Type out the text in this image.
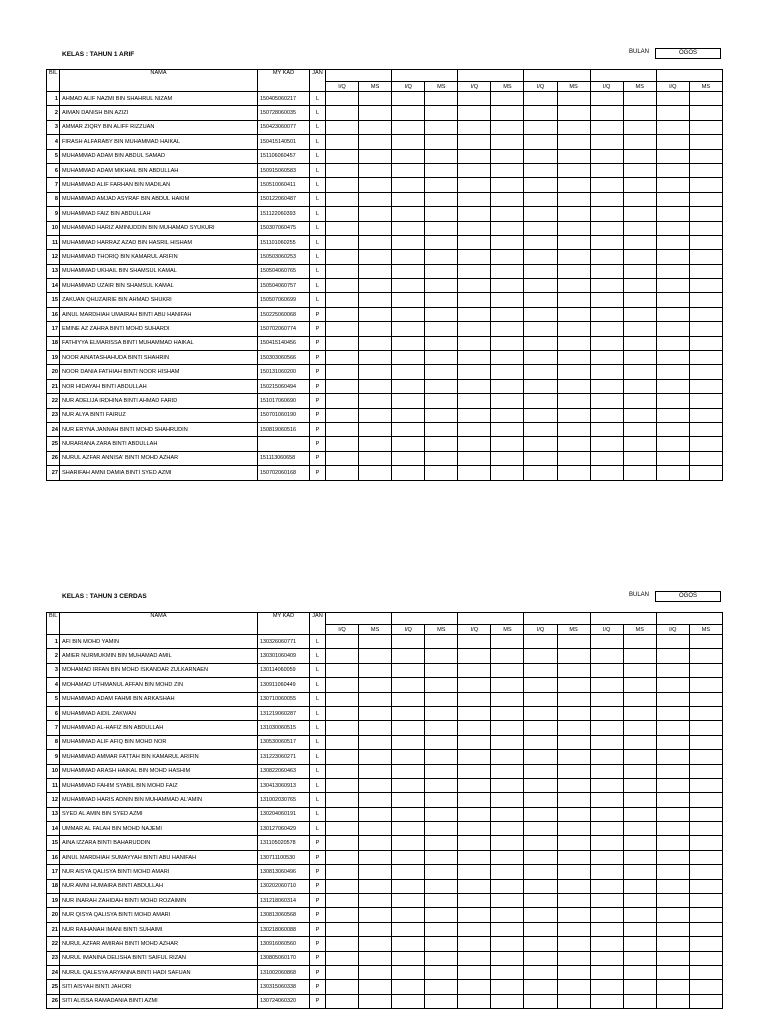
KELAS : TAHUN 1 ARIF	BULAN	OGOS
BIL	NAMA	MY KAD	JAN												
				I/Q	MS	I/Q	MS	I/Q	MS	I/Q	MS	I/Q	MS	I/Q	MS
1	AHMAD ALIF NAZMI BIN SHAHRUL NIZAM	150405060217	L												
2	AIMAN DANISH BIN AZIZI	150728060035	L												
3	AMMAR ZIQRY BIN ALIFF RIZZUAN	150423060077	L												
4	FIRASH ALFARABY BIN MUHAMMAD HAIKAL	150415140501	L												
5	MUHAMMAD ADAM BIN ABDUL SAMAD	151106060457	L												
6	MUHAMMAD ADAM MIKHAIL BIN ABDULLAH	150915060583	L												
7	MUHAMMAD ALIF FARHAN BIN MADILAN	150510060411	L												
8	MUHAMMAD AMJAD ASYRAF BIN ABDUL HAKIM	150122060487	L												
9	MUHAMMAD FAIZ BIN ABDULLAH	151122060393	L												
10	MUHAMMAD HARIZ AMINUDDIN BIN MUHAMAD SYUKURI	150307060475	L												
11	MUHAMMAD HARRAZ AZAD BIN HASRIL HISHAM	151101060255	L												
12	MUHAMMAD THORIQ BIN KAMARUL ARIFIN	150503060253	L												
13	MUHAMMAD UKHAIL BIN SHAMSUL KAMAL	150504060765	L												
14	MUHAMMAD UZAIR BIN SHAMSUL KAMAL	150504060757	L												
15	ZAKUAN QHUZAIRIE BIN AHMAD SHUKRI	150507060699	L												
16	AINUL MARDHIAH UMAIRAH BINTI ABU HANIFAH	150225060068	P												
17	EMINE AZ ZAHRA BINTI MOHD SUHARDI	150702060774	P												
18	FATHIYYA ELMARISSA BINTI MUHAMMAD HAIKAL	150415140456	P												
19	NOOR AINATASHAHUDA BINTI SHAHRIN	150303060566	P												
20	NOOR DANIA FATHIAH BINTI NOOR HISHAM	150131060200	P												
21	NOR HIDAYAH BINTI ABDULLAH	150215060494	P												
22	NUR ADELIJA IRDHINA BINTI AHMAD FARID	151017060690	P												
23	NUR ALYA BINTI FAIRUZ	150701060190	P												
24	NUR ERYNA JANNAH BINTI MOHD SHAHRUDIN	150819060516	P												
25	NURARIANA ZARA BINTI ABDULLAH		P												
26	NURUL AZFAR ANNISA' BINTI MOHD AZHAR	151113060658	P												
27	SHARIFAH AMNI DAMIA BINTI SYED AZMI	150702060168	P												
KELAS : TAHUN 3 CERDAS	BULAN	OGOS
BIL	NAMA	MY KAD	JAN												
				I/Q	MS	I/Q	MS	I/Q	MS	I/Q	MS	I/Q	MS	I/Q	MS
1	AFI BIN MOHD YAMIN	130326060771	L												
2	AMIER NURMUKMIN BIN MUHAMAD AMIL	130301060409	L												
3	MOHAMAD IRFAN BIN MOHD ISKANDAR ZULKARNAEN	130114060059	L												
4	MOHAMAD UTHMANUL AFFAN BIN MOHD ZIN	130911060449	L												
5	MUHAMMAD ADAM FAHMI BIN ARKASHAH	130710060055	L												
6	MUHAMMAD AIDIL ZAKWAN	131219060287	L												
7	MUHAMMAD AL-HAFIZ BIN ABDULLAH	131030060515	L												
8	MUHAMMAD ALIF AFIQ BIN MOHD NOR	130530060517	L												
9	MUHAMMAD AMMAR FATTAH BIN KAMARUL ARIFIN	131223060271	L												
10	MUHAMMAD ARASH HAIKAL BIN MOHD HASHIM	130822060463	L												
11	MUHAMMAD FAHIM SYABIL BIN MOHD FAIZ	130413060913	L												
12	MUHAMMAD HARIS ADNIN BIN MUHAMMAD AL'AMIN	131002030765	L												
13	SYED AL AMIN BIN SYED AZMI	130204060191	L												
14	UMMAR AL FALAH BIN MOHD NAJEMI	130127060429	L												
15	AINA IZZARA BINTI BAHARUDDIN	131105020578	P												
16	AINUL MARDHIAH SUMAYYAH BINTI ABU HANIFAH	130711100530	P												
17	NUR AISYA QALISYA BINTI MOHD AMARI	130813060496	P												
18	NUR AMNI HUMAIRA BINTI ABDULLAH	130202060710	P												
19	NUR INARAH ZAHIDAH BINTI MOHD ROZAIMIN	131218060314	P												
20	NUR QISYA QALISYA BINTI MOHD AMARI	130813060568	P												
21	NUR RAIHANAH IMANI BINTI SUHAIMI	130218060088	P												
22	NURUL AZFAR AMIRAH BINTI MOHD AZHAR	130916060560	P												
23	NURUL IMANINA DELISHA BINTI SAIFUL RIZAN	130805060170	P												
24	NURUL QALESYA ARYANNA BINTI HADI SAFUAN	131002060868	P												
25	SITI AISYAH BINTI JAHORI	130315060338	P												
26	SITI ALISSA RAMADANIA BINTI AZMI	130724060320	P												
